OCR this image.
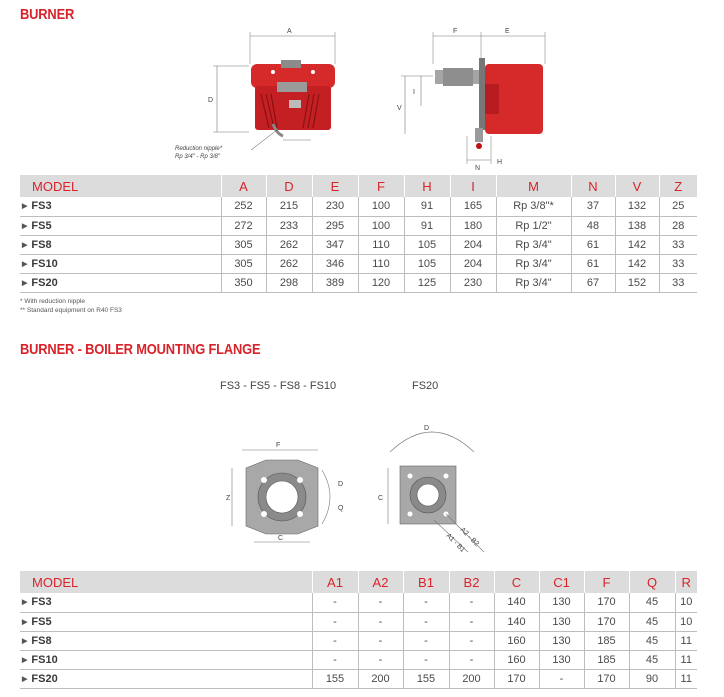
BURNER
A
D
Reduction nipple*
Rp 3/4" - Rp 3/8"
F	E
V
I
N
H
MODEL	A	D	E	F	H	I	M	N	V	Z
▶ FS3	252	215	230	100	91	165	Rp 3/8"*	37	132	25
▶ FS5	272	233	295	100	91	180	Rp 1/2"	48	138	28
▶ FS8	305	262	347	110	105	204	Rp 3/4"	61	142	33
▶ FS10	305	262	346	110	105	204	Rp 3/4"	61	142	33
▶ FS20	350	298	389	120	125	230	Rp 3/4"	67	152	33
* With reduction nipple
** Standard equipment on R40 FS3
BURNER - BOILER MOUNTING FLANGE
FS3 - FS5 - FS8 - FS10	FS20
F
Z
C
D
Q
D
C
A1 - B1
A2 - B2
MODEL	A1	A2	B1	B2	C	C1	F	Q	R
▶ FS3	-	-	-	-	140	130	170	45	10
▶ FS5	-	-	-	-	140	130	170	45	10
▶ FS8	-	-	-	-	160	130	185	45	11
▶ FS10	-	-	-	-	160	130	185	45	11
▶ FS20	155	200	155	200	170	-	170	90	11
